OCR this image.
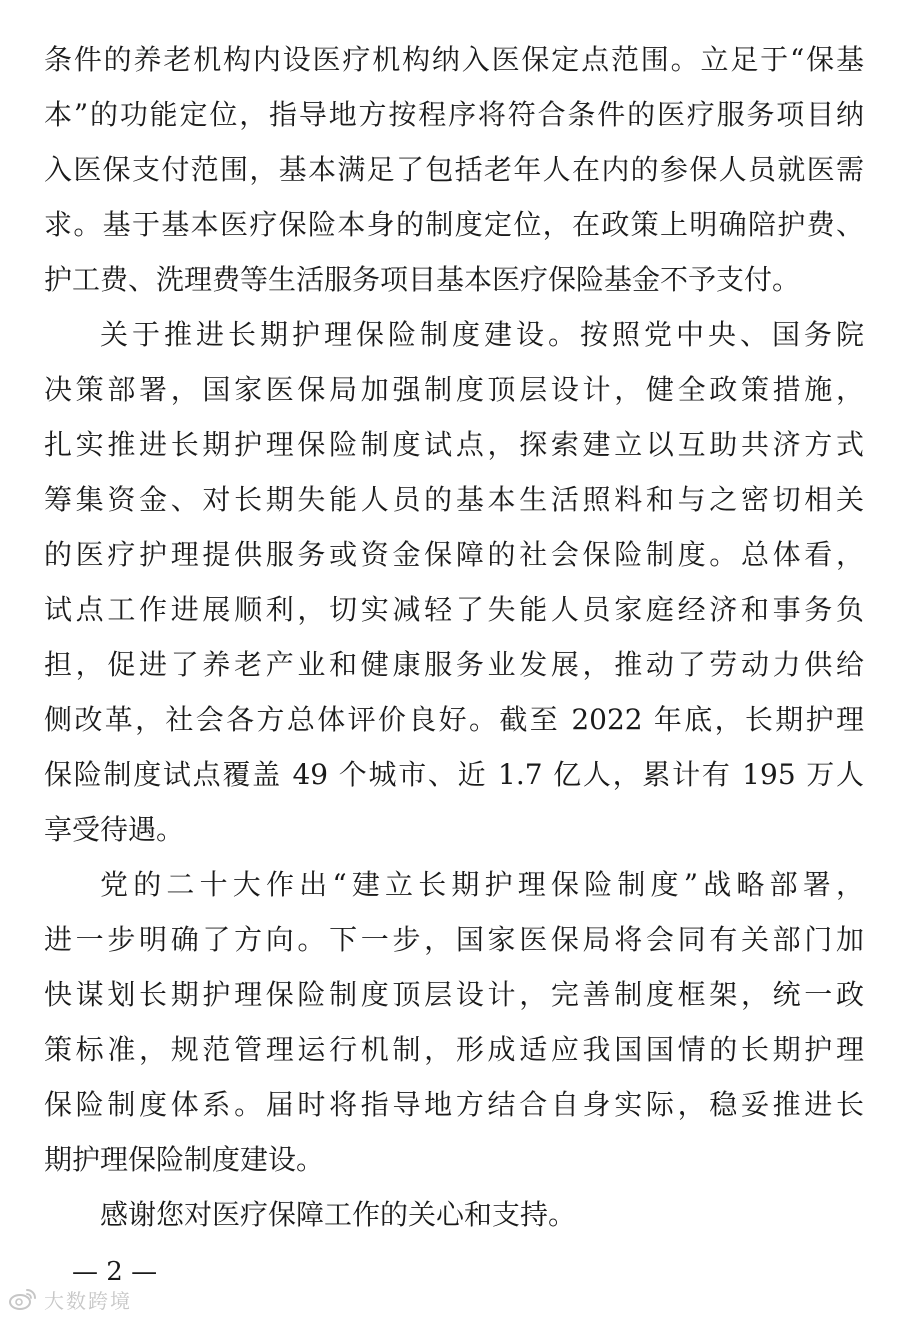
条件的养老机构内设医疗机构纳入医保定点范围。立足于“保基
本”的功能定位，指导地方按程序将符合条件的医疗服务项目纳
入医保支付范围，基本满足了包括老年人在内的参保人员就医需
求。基于基本医疗保险本身的制度定位，在政策上明确陪护费、
护工费、洗理费等生活服务项目基本医疗保险基金不予支付。
关于推进长期护理保险制度建设。按照党中央、国务院
决策部署，国家医保局加强制度顶层设计，健全政策措施，
扎实推进长期护理保险制度试点，探索建立以互助共济方式
筹集资金、对长期失能人员的基本生活照料和与之密切相关
的医疗护理提供服务或资金保障的社会保险制度。总体看，
试点工作进展顺利，切实减轻了失能人员家庭经济和事务负
担，促进了养老产业和健康服务业发展，推动了劳动力供给
侧改革，社会各方总体评价良好。截至 2022 年底，长期护理
保险制度试点覆盖 49 个城市、近 1.7 亿人，累计有 195 万人
享受待遇。
党的二十大作出“建立长期护理保险制度”战略部署，
进一步明确了方向。下一步，国家医保局将会同有关部门加
快谋划长期护理保险制度顶层设计，完善制度框架，统一政
策标准，规范管理运行机制，形成适应我国国情的长期护理
保险制度体系。届时将指导地方结合自身实际，稳妥推进长
期护理保险制度建设。
感谢您对医疗保障工作的关心和支持。
— 2 —
大数跨境
